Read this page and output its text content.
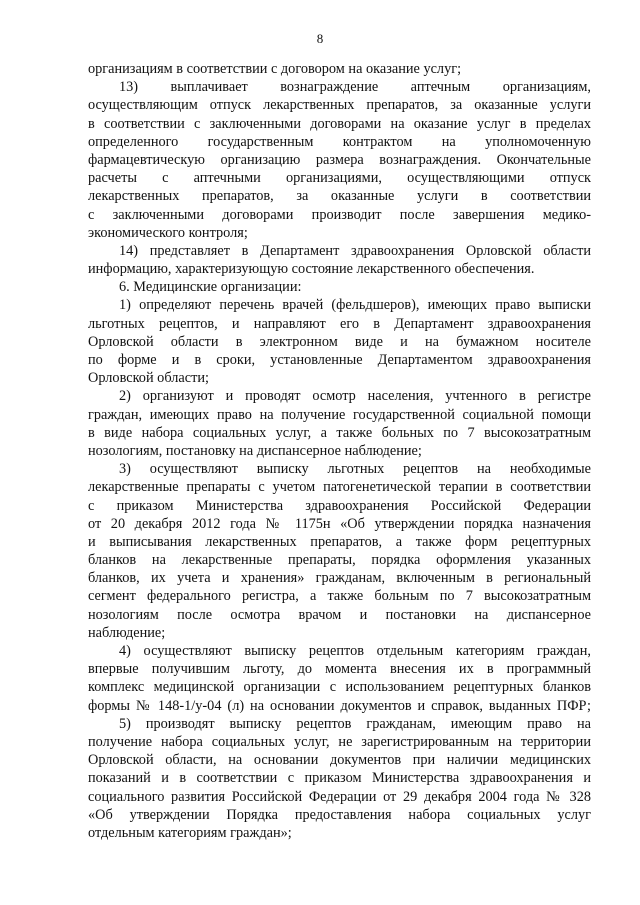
8
организациям в соответствии с договором на оказание услуг;
13) выплачивает вознаграждение аптечным организациям,
осуществляющим отпуск лекарственных препаратов, за оказанные услуги
в соответствии с заключенными договорами на оказание услуг в пределах
определенного государственным контрактом на уполномоченную
фармацевтическую организацию размера вознаграждения. Окончательные
расчеты с аптечными организациями, осуществляющими отпуск
лекарственных препаратов, за оказанные услуги в соответствии
с заключенными договорами производит после завершения медико-
экономического контроля;
14) представляет в Департамент здравоохранения Орловской области
информацию, характеризующую состояние лекарственного обеспечения.
6. Медицинские организации:
1) определяют перечень врачей (фельдшеров), имеющих право выписки
льготных рецептов, и направляют его в Департамент здравоохранения
Орловской области в электронном виде и на бумажном носителе
по форме и в сроки, установленные Департаментом здравоохранения
Орловской области;
2) организуют и проводят осмотр населения, учтенного в регистре
граждан, имеющих право на получение государственной социальной помощи
в виде набора социальных услуг, а также больных по 7 высокозатратным
нозологиям, постановку на диспансерное наблюдение;
3) осуществляют выписку льготных рецептов на необходимые
лекарственные препараты с учетом патогенетической терапии в соответствии
с приказом Министерства здравоохранения Российской Федерации
от 20 декабря 2012 года № 1175н «Об утверждении порядка назначения
и выписывания лекарственных препаратов, а также форм рецептурных
бланков на лекарственные препараты, порядка оформления указанных
бланков, их учета и хранения» гражданам, включенным в региональный
сегмент федерального регистра, а также больным по 7 высокозатратным
нозологиям после осмотра врачом и постановки на диспансерное
наблюдение;
4) осуществляют выписку рецептов отдельным категориям граждан,
впервые получившим льготу, до момента внесения их в программный
комплекс медицинской организации с использованием рецептурных бланков
формы № 148-1/у-04 (л) на основании документов и справок, выданных ПФР;
5) производят выписку рецептов гражданам, имеющим право на
получение набора социальных услуг, не зарегистрированным на территории
Орловской области, на основании документов при наличии медицинских
показаний и в соответствии с приказом Министерства здравоохранения и
социального развития Российской Федерации от 29 декабря 2004 года № 328
«Об утверждении Порядка предоставления набора социальных услуг
отдельным категориям граждан»;
